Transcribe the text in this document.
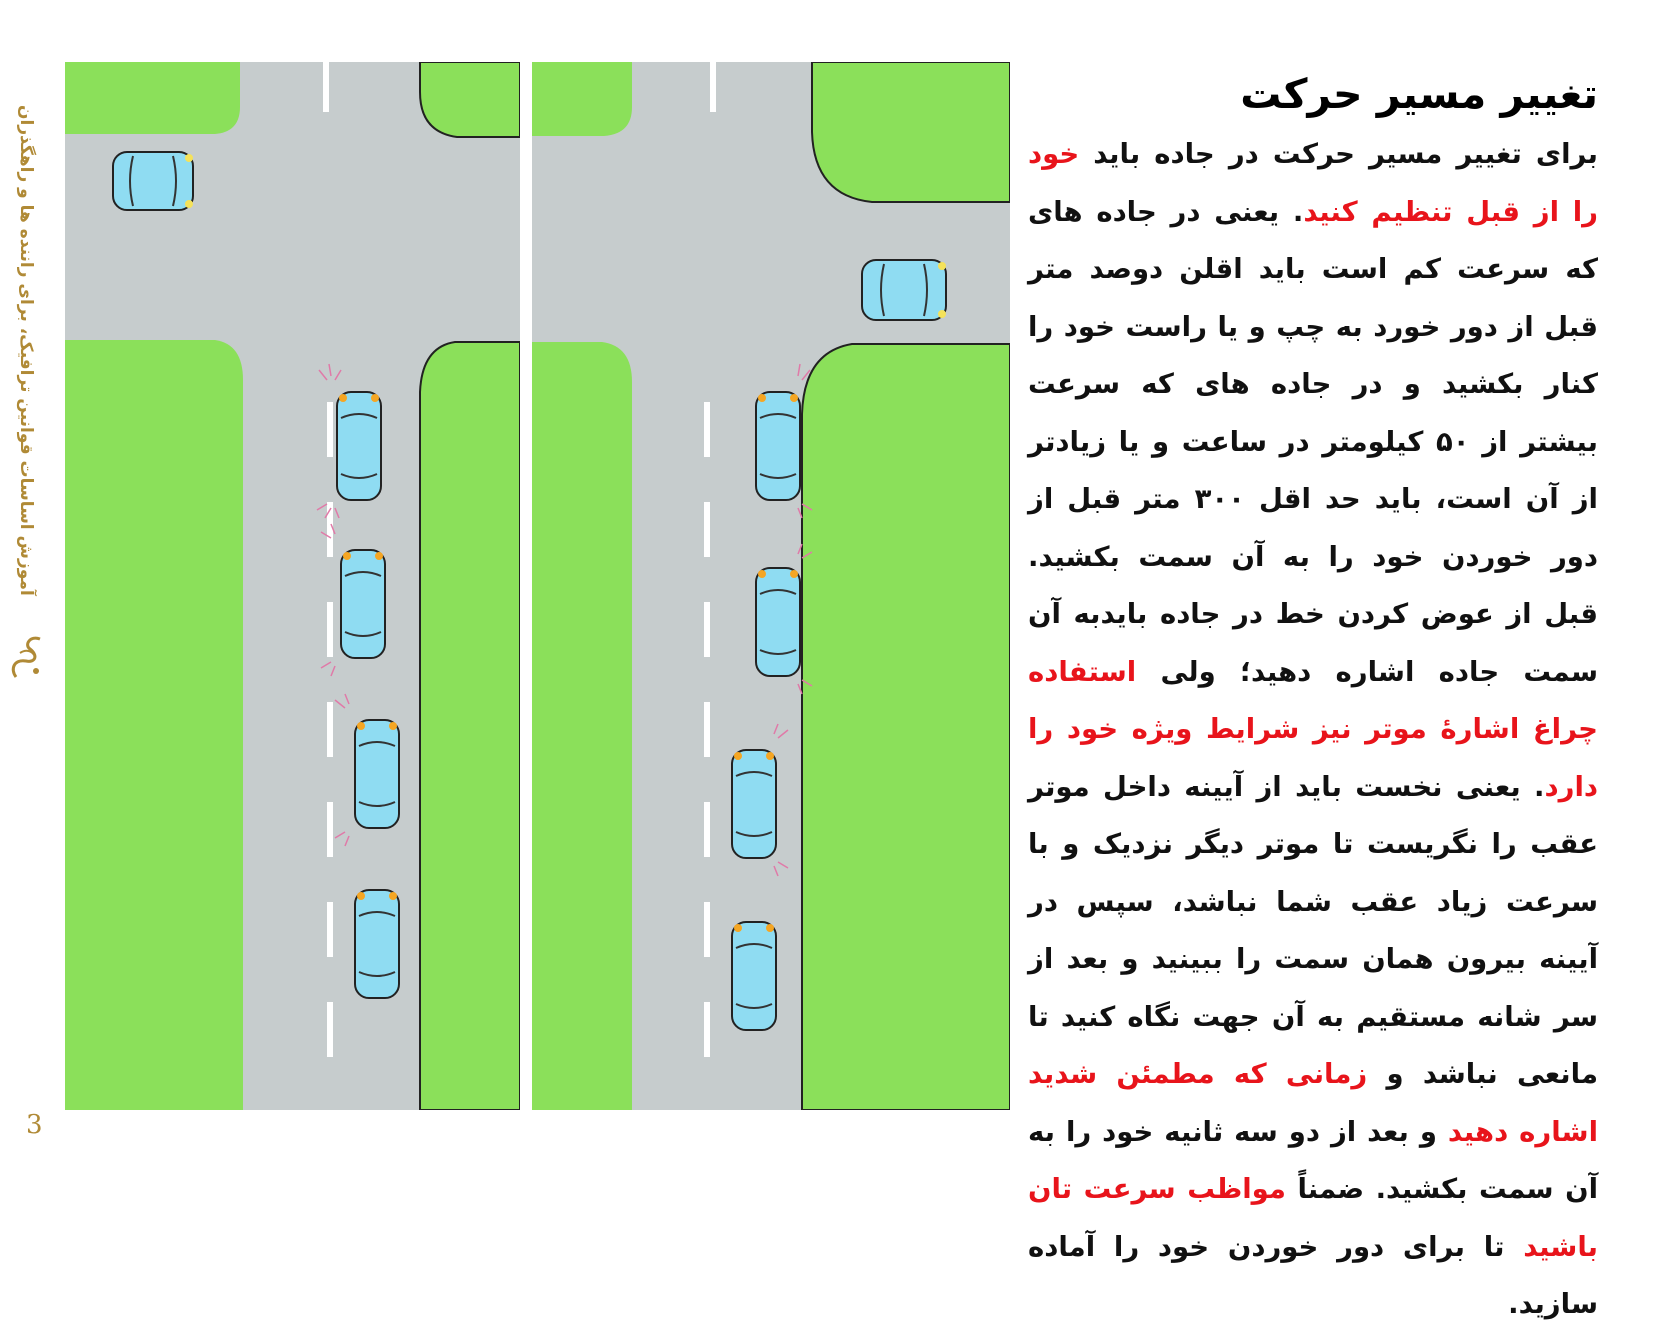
آموزش اساسات قوانین ترافیک، برای راننده ها و راهگذران
3
تغییر مسیر حرکت
برای تغییر مسیر حرکت در جاده باید خود را از قبل تنظیم کنید. یعنی در جاده های که سرعت کم است باید اقلن دوصد متر قبل از دور خورد به چپ و یا راست خود را کنار بکشید و در جاده های که سرعت بیشتر از ۵۰ کیلومتر در ساعت و یا زیادتر از آن است، باید حد اقل ۳۰۰ متر قبل از دور خوردن خود را به آن سمت بکشید. قبل از عوض کردن خط در جاده بایدبه آن سمت جاده اشاره دهید؛ ولی استفاده چراغ اشارۀ موتر نیز شرایط ویژه خود را دارد. یعنی نخست باید از آیینه داخل موتر عقب را نگریست تا موتر دیگر نزدیک و با سرعت زیاد عقب شما نباشد، سپس در آیینه بیرون همان سمت را ببینید و بعد از سر شانه مستقیم به آن جهت نگاه کنید تا مانعی نباشد و زمانی که مطمئن شدید اشاره دهید و بعد از دو سه ثانیه خود را به آن سمت بکشید. ضمناً مواظب سرعت تان باشید تا برای دور خوردن خود را آماده سازید.
